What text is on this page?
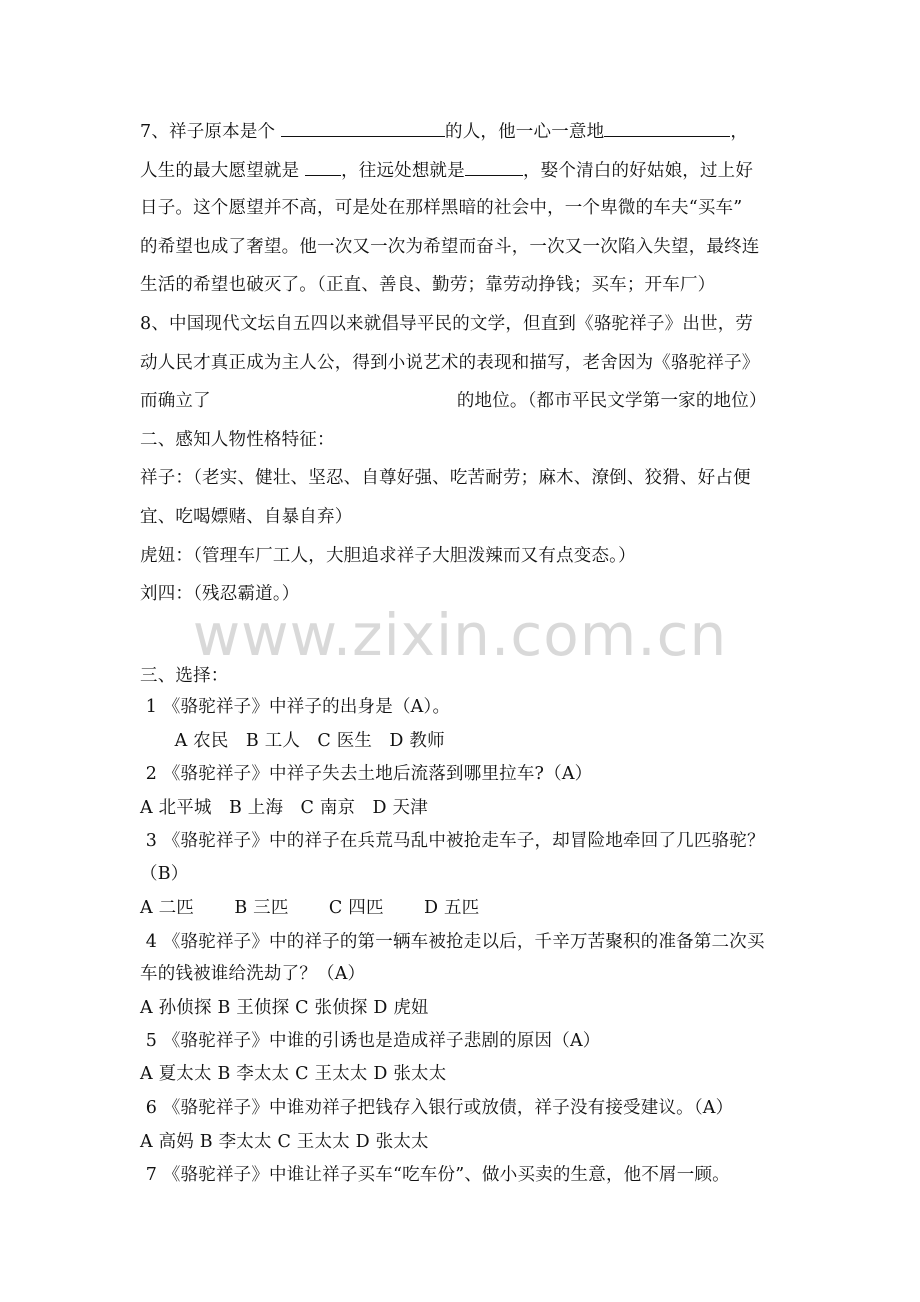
www.zixin.com.cn
7、祥子原本是个	的人，他一心一意地	，
人生的最大愿望就是 ，往远处想就是	，娶个清白的好姑娘，过上好
日子。这个愿望并不高，可是处在那样黑暗的社会中，一个卑微的车夫“买车”
的希望也成了奢望。他一次又一次为希望而奋斗，一次又一次陷入失望，最终连
生活的希望也破灭了。（正直、善良、勤劳；靠劳动挣钱；买车；开车厂）
8、中国现代文坛自五四以来就倡导平民的文学，但直到《骆驼祥子》出世，劳
动人民才真正成为主人公，得到小说艺术的表现和描写，老舍因为《骆驼祥子》
而确立了	的地位。（都市平民文学第一家的地位）
二、感知人物性格特征：
祥子：（老实、健壮、坚忍、自尊好强、吃苦耐劳；麻木、潦倒、狡猾、好占便
宜、吃喝嫖赌、自暴自弃）
虎妞：（管理车厂工人，大胆追求祥子大胆泼辣而又有点变态。）
刘四：（残忍霸道。）
三、选择：
1 《骆驼祥子》中祥子的出身是（A）。
A 农民   B 工人   C 医生   D 教师
2 《骆驼祥子》中祥子失去土地后流落到哪里拉车?（A）
A 北平城   B 上海   C 南京   D 天津
3 《骆驼祥子》中的祥子在兵荒马乱中被抢走车子，却冒险地牵回了几匹骆驼？
（B）
A 二匹       B 三匹       C 四匹       D 五匹
4 《骆驼祥子》中的祥子的第一辆车被抢走以后，千辛万苦聚积的准备第二次买
车的钱被谁给洗劫了？（A）
A 孙侦探 B 王侦探 C 张侦探 D 虎妞
5 《骆驼祥子》中谁的引诱也是造成祥子悲剧的原因（A）
A 夏太太 B 李太太 C 王太太 D 张太太
6 《骆驼祥子》中谁劝祥子把钱存入银行或放债，祥子没有接受建议。（A）
A 高妈 B 李太太 C 王太太 D 张太太
7 《骆驼祥子》中谁让祥子买车“吃车份”、做小买卖的生意，他不屑一顾。
